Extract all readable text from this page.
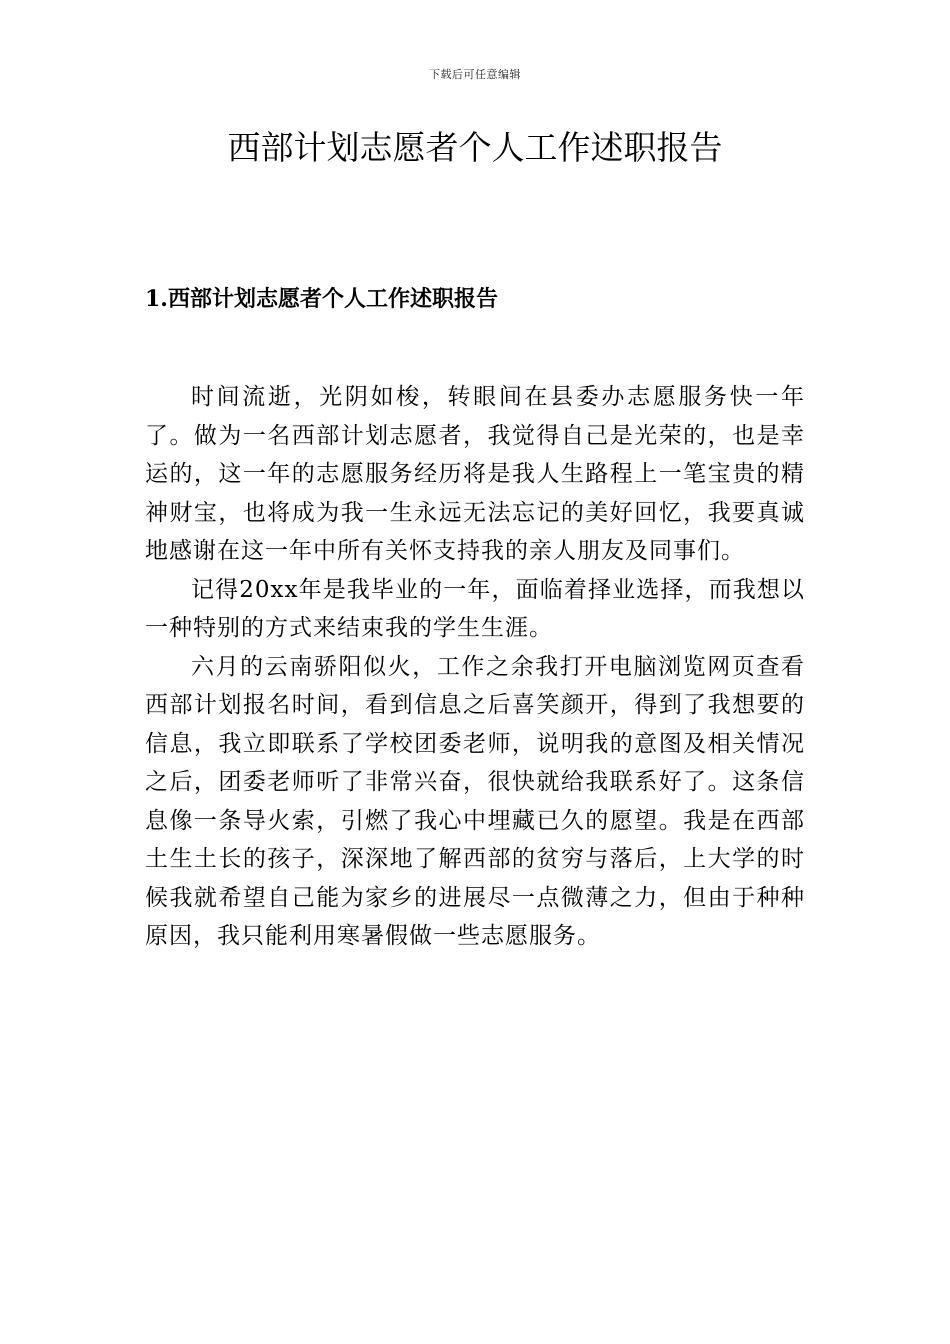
下载后可任意编辑
西部计划志愿者个人工作述职报告
1.西部计划志愿者个人工作述职报告

时间流逝，光阴如梭，转眼间在县委办志愿服务快一年了。做为一名西部计划志愿者，我觉得自己是光荣的，也是幸运的，这一年的志愿服务经历将是我人生路程上一笔宝贵的精神财宝，也将成为我一生永远无法忘记的美好回忆，我要真诚地感谢在这一年中所有关怀支持我的亲人朋友及同事们。

记得20xx年是我毕业的一年，面临着择业选择，而我想以一种特别的方式来结束我的学生生涯。

六月的云南骄阳似火，工作之余我打开电脑浏览网页查看西部计划报名时间，看到信息之后喜笑颜开，得到了我想要的信息，我立即联系了学校团委老师，说明我的意图及相关情况之后，团委老师听了非常兴奋，很快就给我联系好了。这条信息像一条导火索，引燃了我心中埋藏已久的愿望。我是在西部土生土长的孩子，深深地了解西部的贫穷与落后，上大学的时候我就希望自己能为家乡的进展尽一点微薄之力，但由于种种原因，我只能利用寒暑假做一些志愿服务。
